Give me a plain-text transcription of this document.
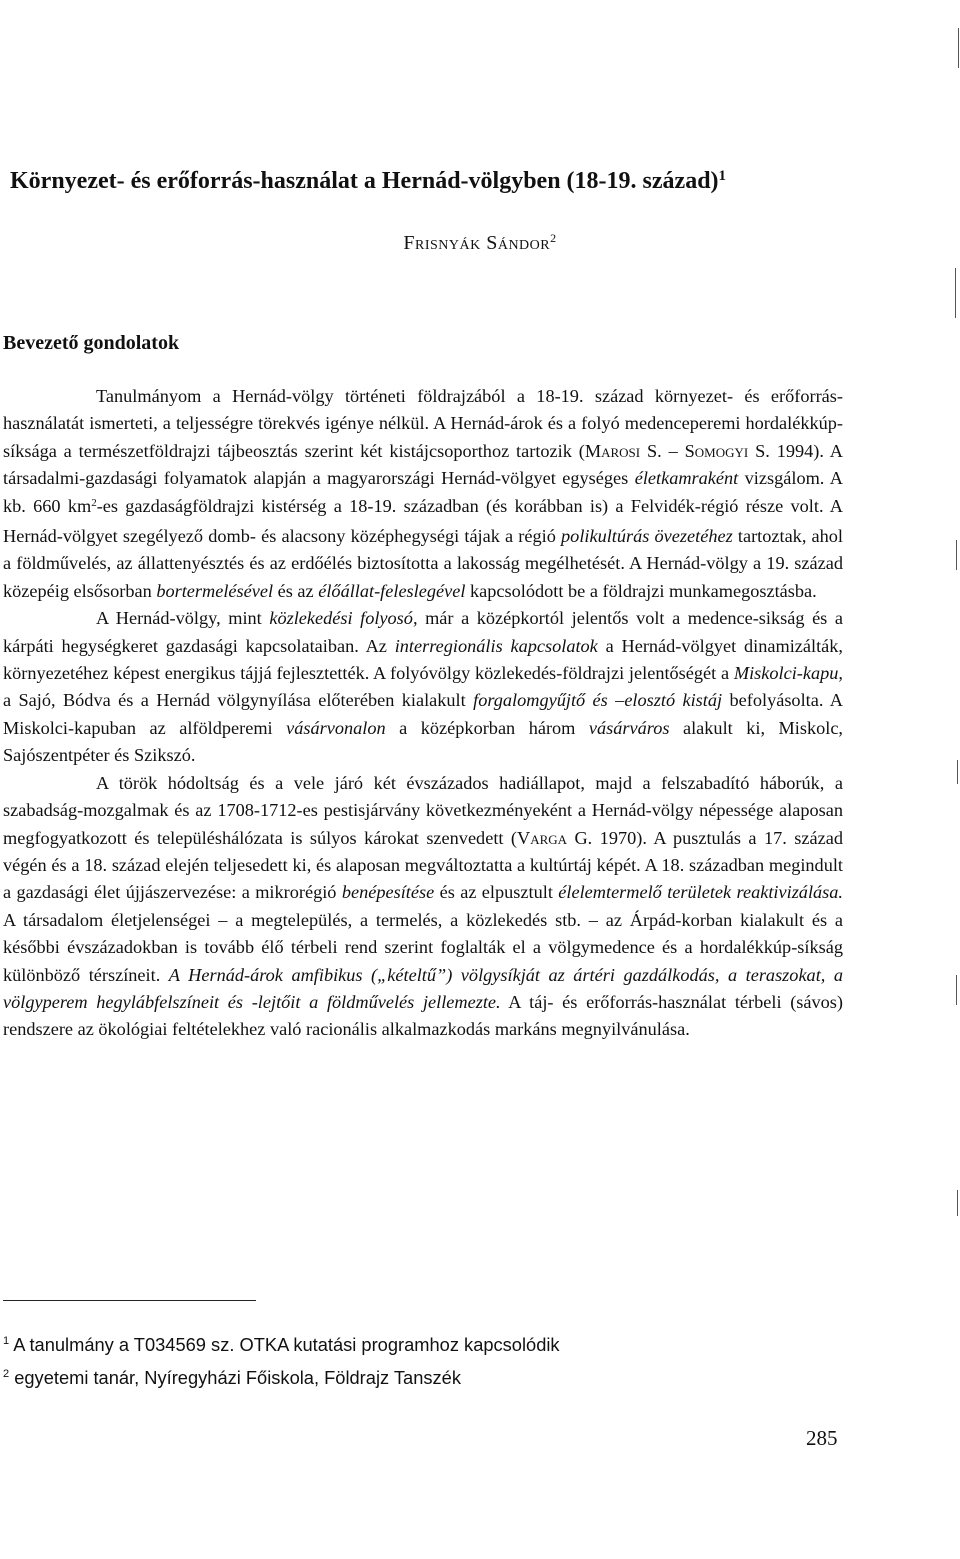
Környezet- és erőforrás-használat a Hernád-völgyben (18-19. század)$^1$

Frisnyák Sándor$^2$

Bevezető gondolatok

Tanulmányom a Hernád-völgy történeti földrajzából a 18-19. század környezet- és erőforrás-használatát ismerteti, a teljességre törekvés igénye nélkül. A Hernád-árok és a folyó medenceperemi hordalékkúp-síksága a természetföldrajzi tájbeosztás szerint két kistájcsoporthoz tartozik (Marosi S. – Somogyi S. 1994). A társadalmi-gazdasági folyamatok alapján a magyarországi Hernád-völgyet egységes életkamraként vizsgálom. A kb. 660 $km^2-es$ gazdaságföldrajzi kistérség a 18-19. században (és korábban is) a Felvidék-régió része volt. A Hernád-völgyet szegélyező domb- és alacsony középhegységi tájak a régió polikultúrás övezetéhez tartoztak, ahol a földművelés, az állattenyésztés és az erdőélés biztosította a lakosság megélhetését. A Hernád-völgy a 19. század közepéig elsősorban bortermelésével és az élőállat-feleslegével kapcsolódott be a földrajzi munkamegosztásba.

A Hernád-völgy, mint közlekedési folyosó, már a középkortól jelentős volt a medence-sikság és a kárpáti hegységkeret gazdasági kapcsolataiban. Az interregionális kapcsolatok a Hernád-völgyet dinamizálták, környezetéhez képest energikus tájjá fejlesztették. A folyóvölgy közlekedés-földrajzi jelentőségét a Miskolci-kapu, a Sajó, Bódva és a Hernád völgynyílása előterében kialakult forgalomgyűjtő és –elosztó kistáj befolyásolta. A Miskolci-kapuban az alföldperemi vásárvonalon a középkorban három vásárváros alakult ki, Miskolc, Sajószentpéter és Szikszó.

A török hódoltság és a vele járó két évszázados hadiállapot, majd a felszabadító háborúk, a szabadság-mozgalmak és az 1708-1712-es pestisjárvány következményeként a Hernád-völgy népessége alaposan megfogyatkozott és településhálózata is súlyos károkat szenvedett (Varga G. 1970). A pusztulás a 17. század végén és a 18. század elején teljesedett ki, és alaposan megváltoztatta a kultúrtáj képét. A 18. században megindult a gazdasági élet újjászervezése: a mikrorégió benépesítése és az elpusztult élelemtermelő területek reaktivizálása. A társadalom életjelenségei – a megtelepülés, a termelés, a közlekedés stb. – az Árpád-korban kialakult és a későbbi évszázadokban is tovább élő térbeli rend szerint foglalták el a völgymedence és a hordalékkúp-síkság különböző térszíneit. A Hernád-árok amfibikus („kételtű”) völgysíkját az ártéri gazdálkodás, a teraszokat, a völgyperem hegylábfelszíneit és -lejtőit a földművelés jellemezte. A táj- és erőforrás-használat térbeli (sávos) rendszere az ökológiai feltételekhez való racionális alkalmazkodás markáns megnyilvánulása.

$^1$ A tanulmány a T034569 sz. OTKA kutatási programhoz kapcsolódik
$^2$ egyetemi tanár, Nyíregyházi Főiskola, Földrajz Tanszék
285
